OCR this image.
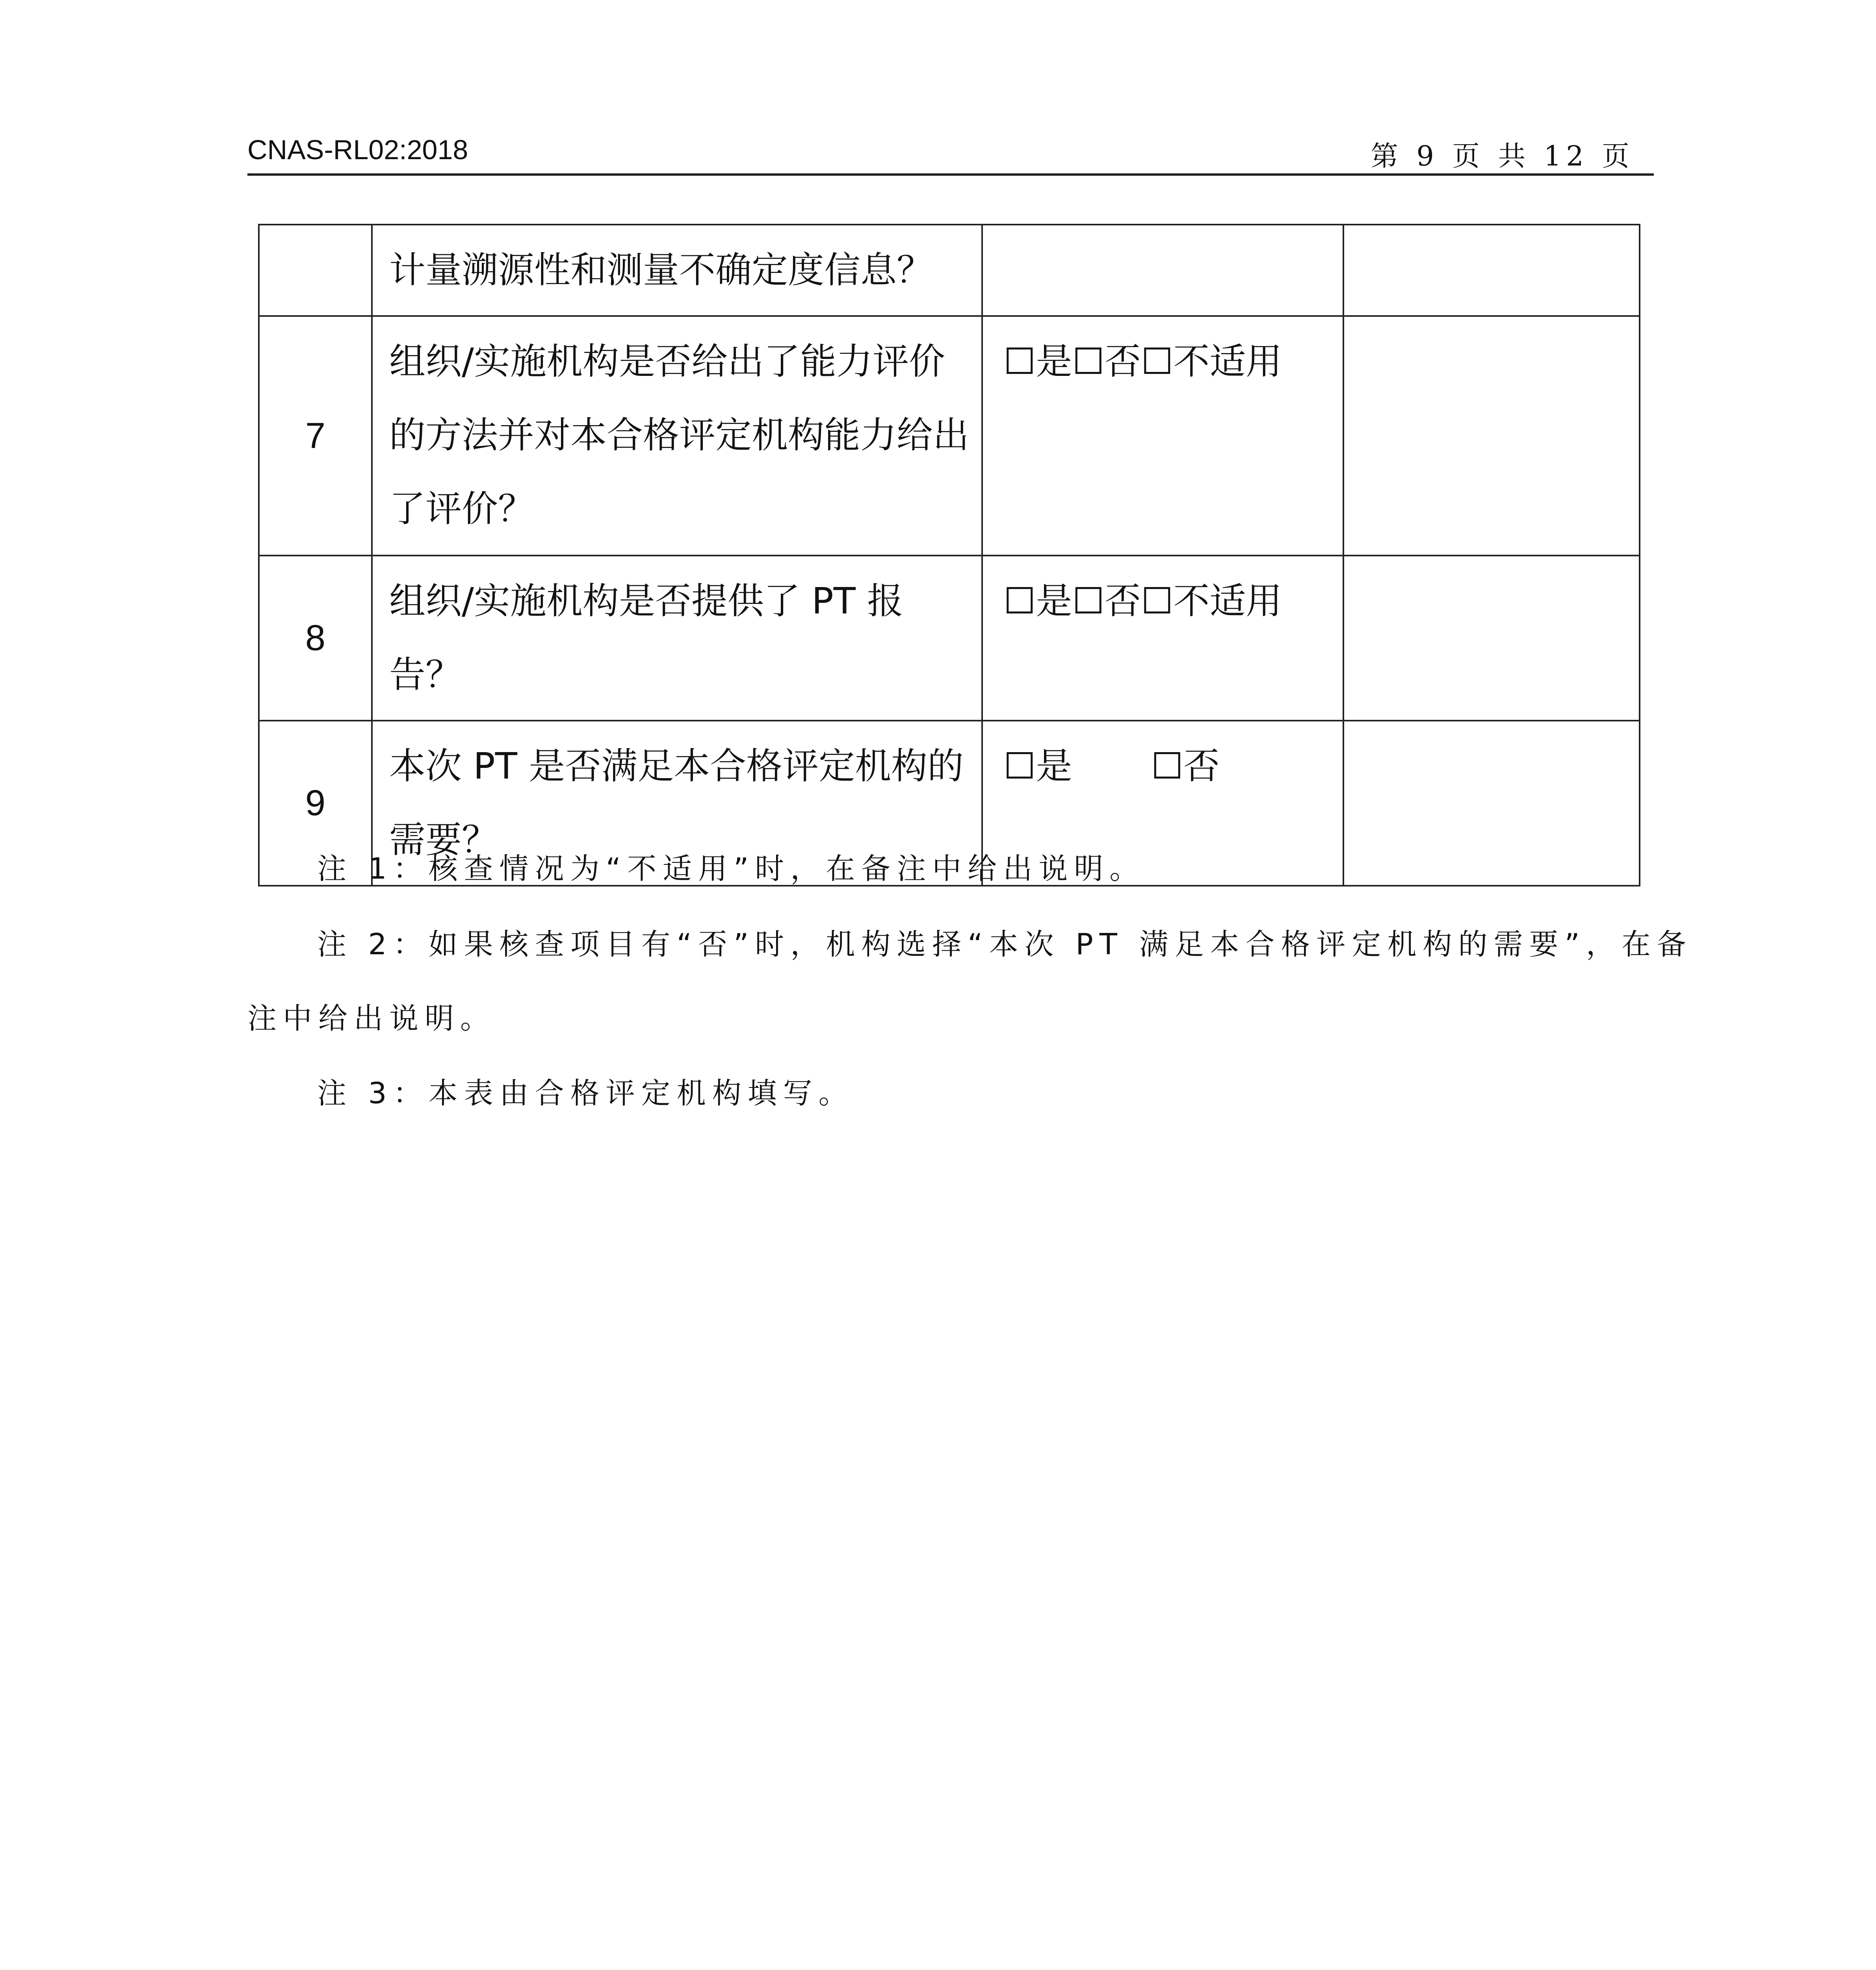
CNAS-RL02:2018	第 9 页 共 12 页
	计量溯源性和测量不确定度信息？		
7	组织/实施机构是否给出了能力评价的方法并对本合格评定机构能力给出了评价？	☐是☐否☐不适用	
8	组织/实施机构是否提供了 PT 报告？	☐是☐否☐不适用	
9	本次 PT 是否满足本合格评定机构的需要？	☐是 ☐否	
注 1：核查情况为“不适用”时，在备注中给出说明。
注 2：如果核查项目有“否”时，机构选择“本次 PT 满足本合格评定机构的需要”，在备
注中给出说明。
注 3：本表由合格评定机构填写。
